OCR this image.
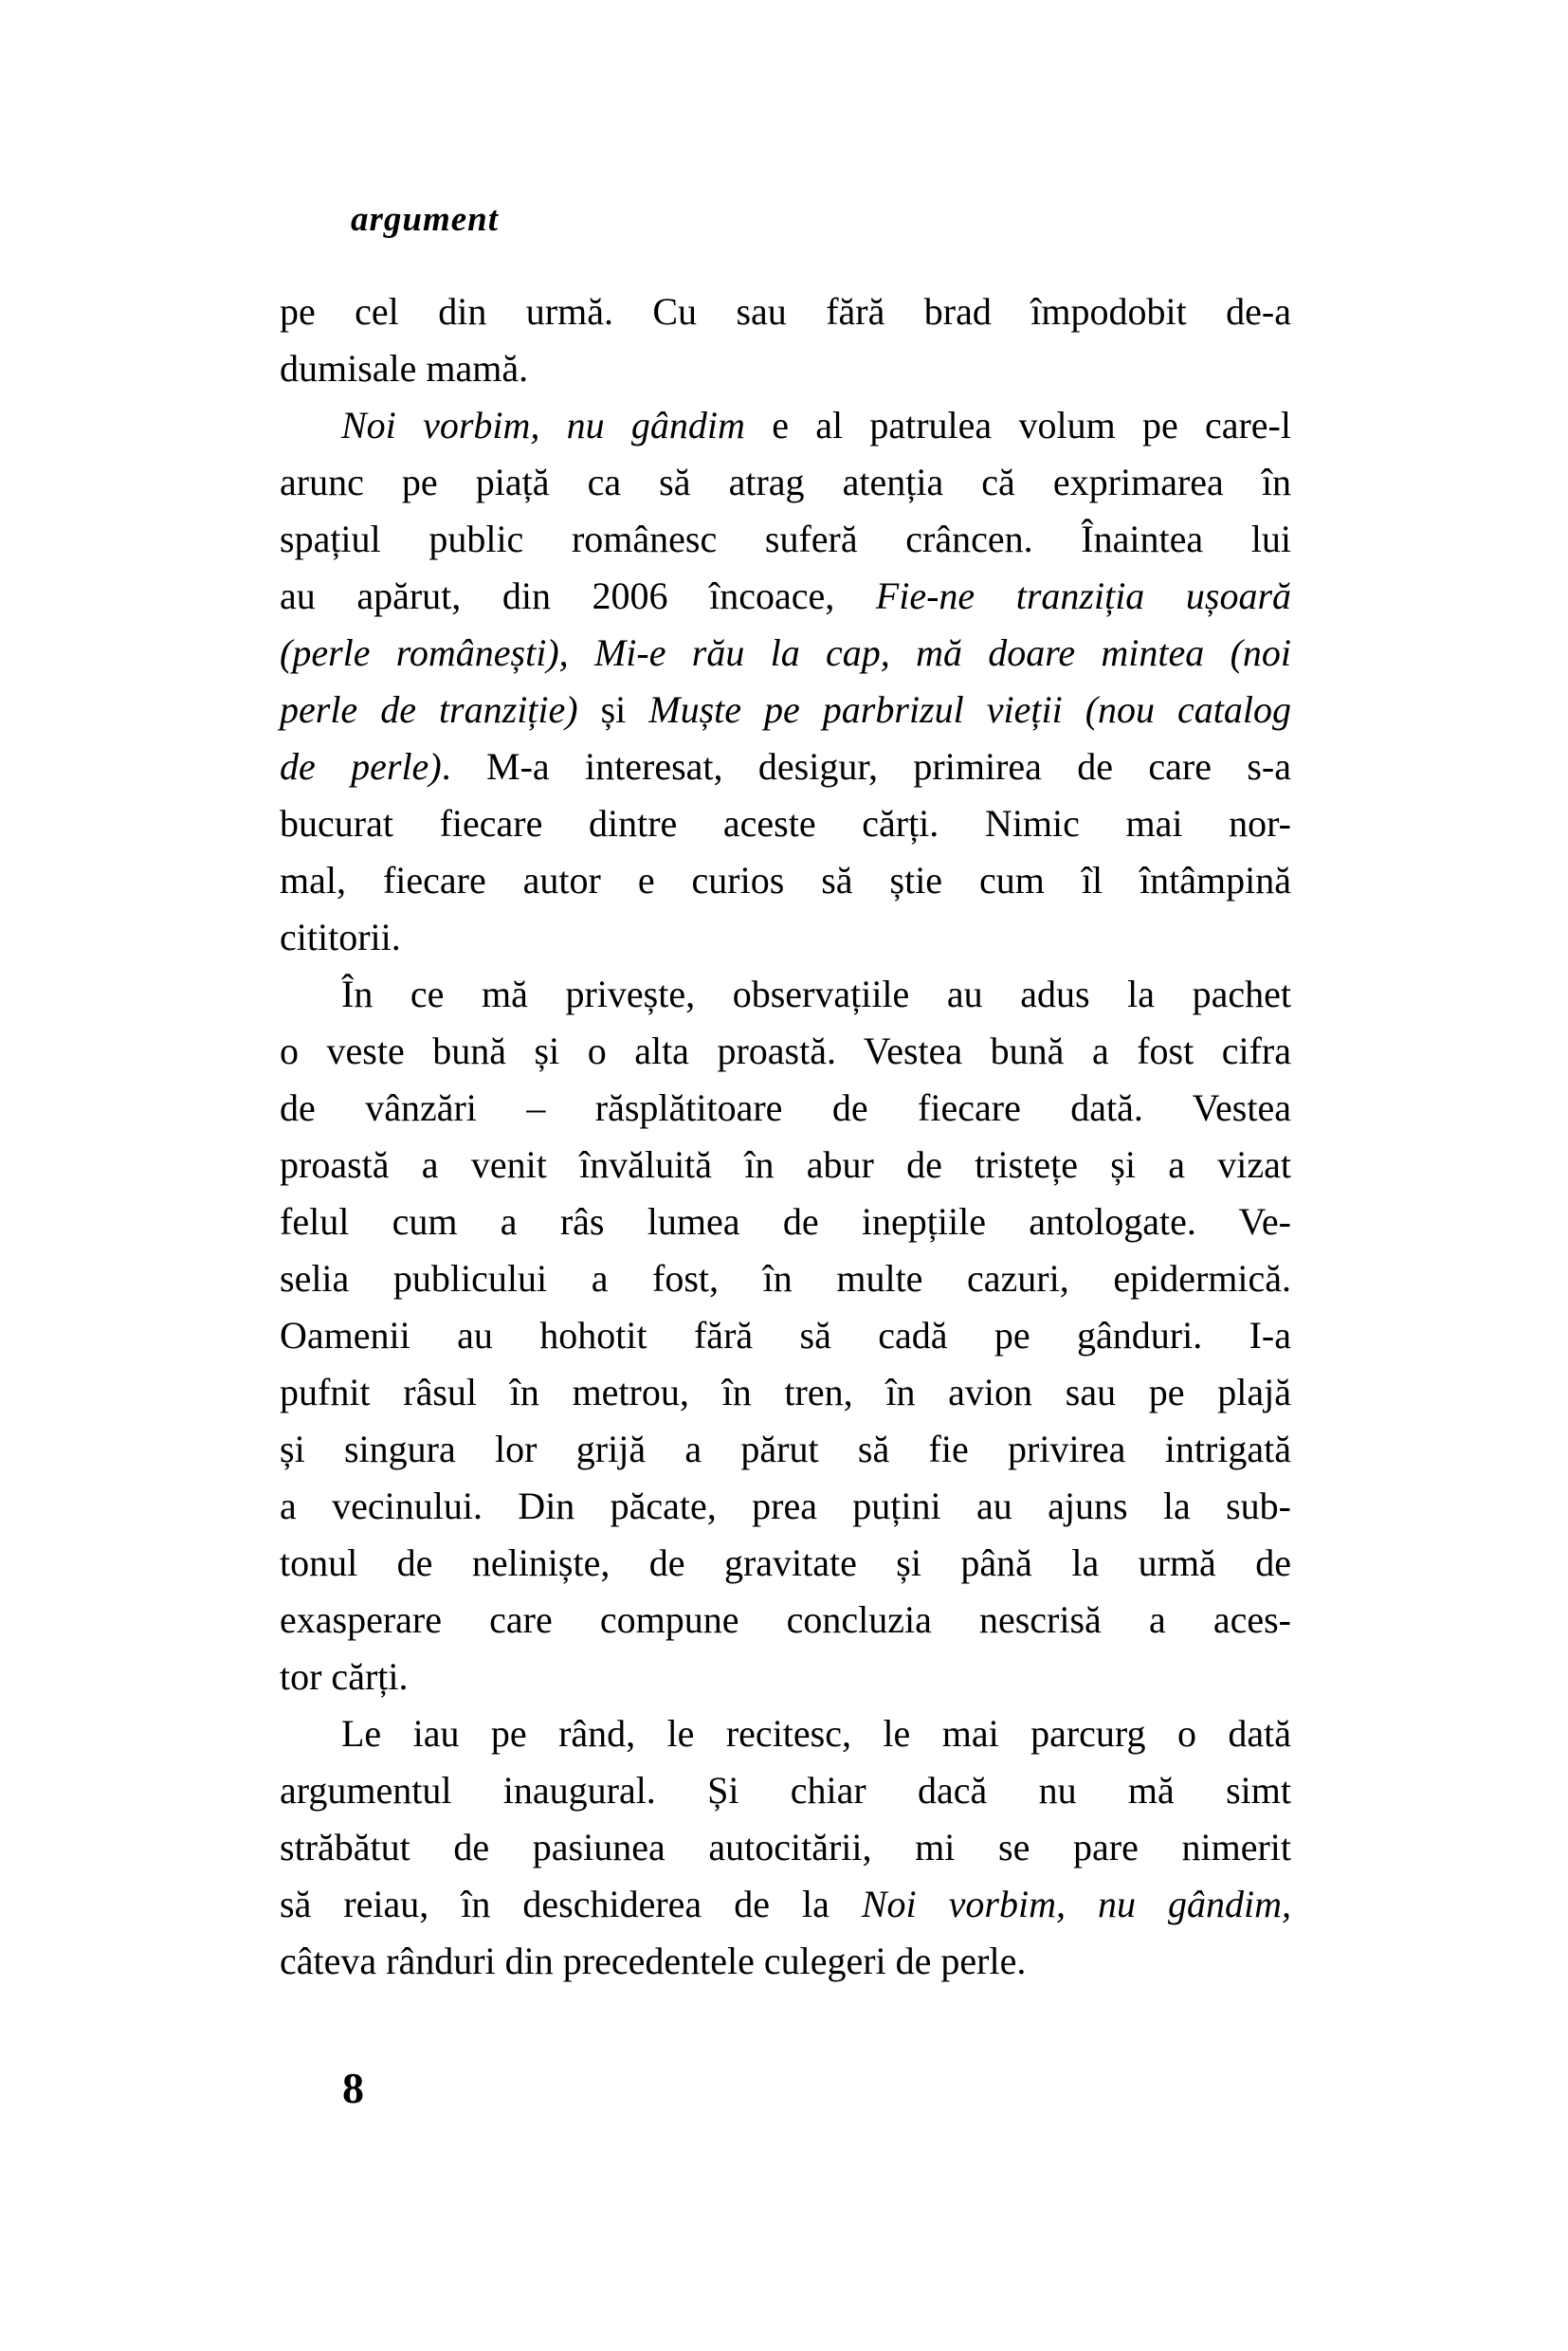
argument
pe cel din urmă. Cu sau fără brad împodobit de-a
dumisale mamă.
Noi vorbim, nu gândim e al patrulea volum pe care-l
arunc pe piață ca să atrag atenția că exprimarea în
spațiul public românesc suferă crâncen. Înaintea lui
au apărut, din 2006 încoace, Fie-ne tranziția ușoară
(perle românești), Mi-e rău la cap, mă doare mintea (noi
perle de tranziție) și Muște pe parbrizul vieții (nou catalog
de perle). M-a interesat, desigur, primirea de care s-a
bucurat fiecare dintre aceste cărți. Nimic mai nor-
mal, fiecare autor e curios să știe cum îl întâmpină
cititorii.
În ce mă privește, observațiile au adus la pachet
o veste bună și o alta proastă. Vestea bună a fost cifra
de vânzări – răsplătitoare de fiecare dată. Vestea
proastă a venit învăluită în abur de tristețe și a vizat
felul cum a râs lumea de inepțiile antologate. Ve-
selia publicului a fost, în multe cazuri, epidermică.
Oamenii au hohotit fără să cadă pe gânduri. I-a
pufnit râsul în metrou, în tren, în avion sau pe plajă
și singura lor grijă a părut să fie privirea intrigată
a vecinului. Din păcate, prea puțini au ajuns la sub-
tonul de neliniște, de gravitate și până la urmă de
exasperare care compune concluzia nescrisă a aces-
tor cărți.
Le iau pe rând, le recitesc, le mai parcurg o dată
argumentul inaugural. Și chiar dacă nu mă simt
străbătut de pasiunea autocitării, mi se pare nimerit
să reiau, în deschiderea de la Noi vorbim, nu gândim,
câteva rânduri din precedentele culegeri de perle.
8
